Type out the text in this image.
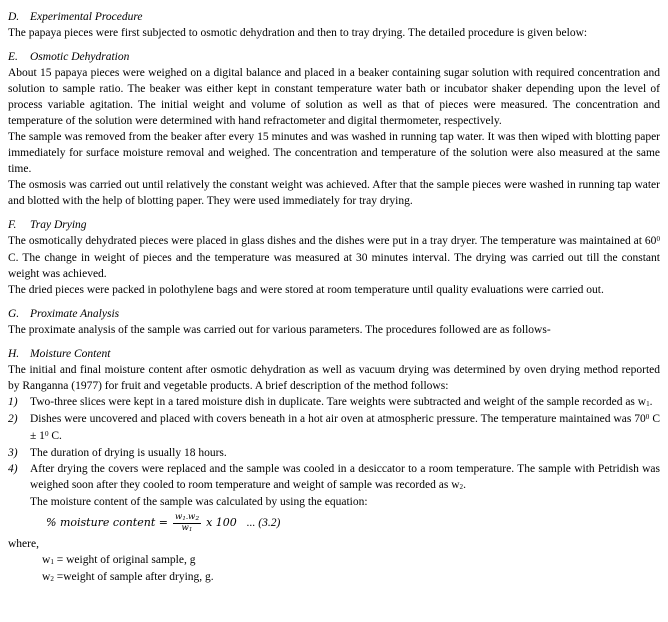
D. Experimental Procedure

The papaya pieces were first subjected to osmotic dehydration and then to tray drying. The detailed procedure is given below:

E. Osmotic Dehydration

About 15 papaya pieces were weighed on a digital balance and placed in a beaker containing sugar solution with required concentration and solution to sample ratio. The beaker was either kept in constant temperature water bath or incubator shaker depending upon the level of process variable agitation. The initial weight and volume of solution as well as that of pieces were measured. The concentration and temperature of the solution were determined with hand refractometer and digital thermometer, respectively.

The sample was removed from the beaker after every 15 minutes and was washed in running tap water. It was then wiped with blotting paper immediately for surface moisture removal and weighed. The concentration and temperature of the solution were also measured at the same time.

The osmosis was carried out until relatively the constant weight was achieved. After that the sample pieces were washed in running tap water and blotted with the help of blotting paper. They were used immediately for tray drying.

F. Tray Drying

The osmotically dehydrated pieces were placed in glass dishes and the dishes were put in a tray dryer. The temperature was maintained at $60^0$ C. The change in weight of pieces and the temperature was measured at 30 minutes interval. The drying was carried out till the constant weight was achieved.

The dried pieces were packed in polothylene bags and were stored at room temperature until quality evaluations were carried out.

G. Proximate Analysis

The proximate analysis of the sample was carried out for various parameters. The procedures followed are as follows-

H. Moisture Content

The initial and final moisture content after osmotic dehydration as well as vacuum drying was determined by oven drying method reported by Ranganna (1977) for fruit and vegetable products. A brief description of the method follows:

1)	Two-three slices were kept in a tared moisture dish in duplicate. Tare weights were subtracted and weight of the sample recorded as $w_1$.
2)	Dishes were uncovered and placed with covers beneath in a hot air oven at atmospheric pressure. The temperature maintained was $70^0$ $C \pm 1^0$ C.
3)	The duration of drying is usually 18 hours.
4)	After drying the covers were replaced and the sample was cooled in a desiccator to a room temperature. The sample with Petridish was weighed soon after they cooled to room temperature and weight of sample was recorded as $w_2$.
The moisture content of the sample was calculated by using the equation:
% moisture content = $\frac{w_{1-}w_2}{w_1}$ x 100 ... (3.2)
where,
$w_1$ = weight of original sample, g
$w_2$ =weight of sample after drying, g.
